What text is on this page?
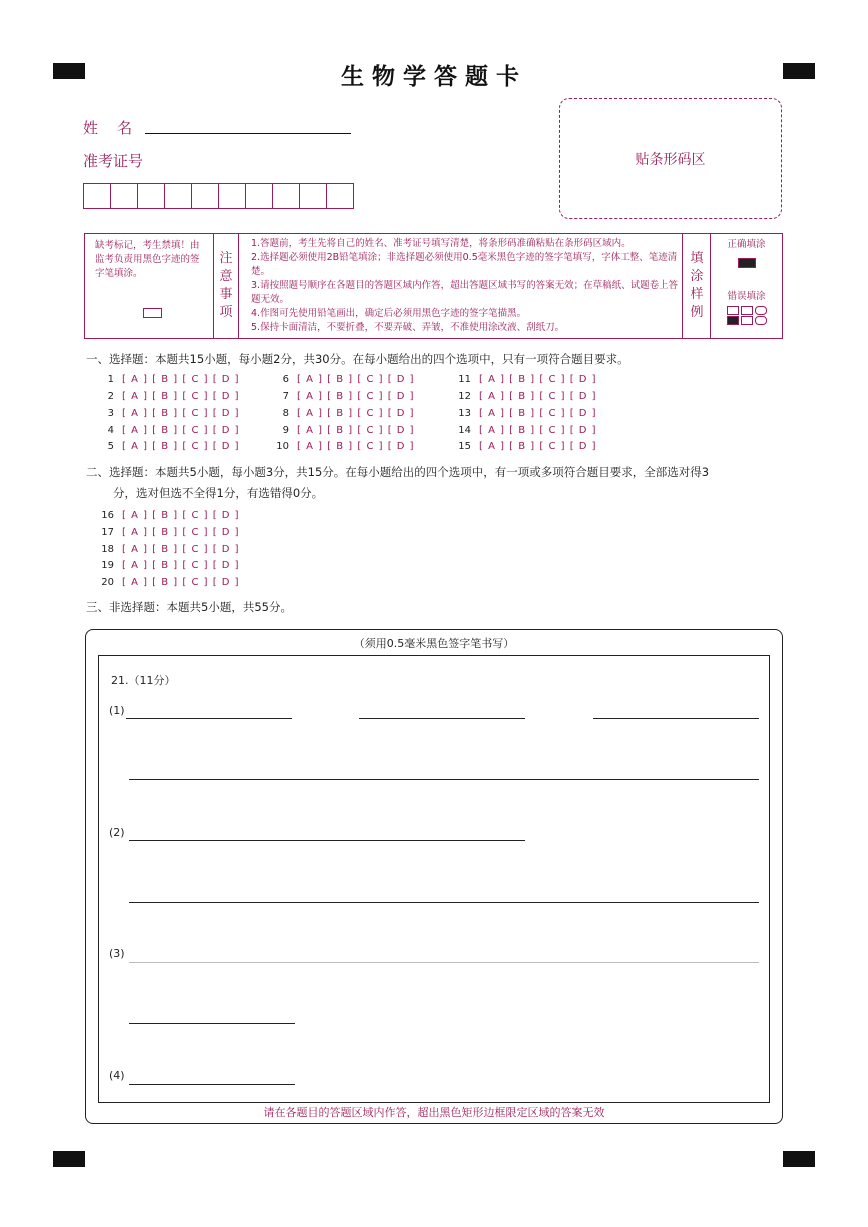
生物学答题卡
姓    名
准考证号	贴条形码区
缺考标记，考生禁填！由监考负责用黑色字迹的签字笔填涂。
注
意
事
项
1.答题前，考生先将自己的姓名、准考证号填写清楚，将条形码准确粘贴在条形码区域内。
2.选择题必须使用2B铅笔填涂；非选择题必须使用0.5毫米黑色字迹的签字笔填写，字体工整、笔迹清楚。
3.请按照题号顺序在各题目的答题区域内作答，超出答题区域书写的答案无效；在草稿纸、试题卷上答题无效。
4.作图可先使用铅笔画出，确定后必须用黑色字迹的签字笔描黑。
5.保持卡面清洁，不要折叠，不要弄破、弄皱，不准使用涂改液、刮纸刀。
填
涂
样
例
正确填涂
错误填涂
一、选择题：本题共15小题，每小题2分，共30分。在每小题给出的四个选项中，只有一项符合题目要求。
1 [ A ] [ B ] [ C ] [ D ]
2 [ A ] [ B ] [ C ] [ D ]
3 [ A ] [ B ] [ C ] [ D ]
4 [ A ] [ B ] [ C ] [ D ]
5 [ A ] [ B ] [ C ] [ D ]
6 [ A ] [ B ] [ C ] [ D ]
7 [ A ] [ B ] [ C ] [ D ]
8 [ A ] [ B ] [ C ] [ D ]
9 [ A ] [ B ] [ C ] [ D ]
10 [ A ] [ B ] [ C ] [ D ]
11 [ A ] [ B ] [ C ] [ D ]
12 [ A ] [ B ] [ C ] [ D ]
13 [ A ] [ B ] [ C ] [ D ]
14 [ A ] [ B ] [ C ] [ D ]
15 [ A ] [ B ] [ C ] [ D ]
二、选择题：本题共5小题，每小题3分，共15分。在每小题给出的四个选项中，有一项或多项符合题目要求，全部选对得3
分，选对但选不全得1分，有选错得0分。
16 [ A ] [ B ] [ C ] [ D ]
17 [ A ] [ B ] [ C ] [ D ]
18 [ A ] [ B ] [ C ] [ D ]
19 [ A ] [ B ] [ C ] [ D ]
20 [ A ] [ B ] [ C ] [ D ]
三、非选择题：本题共5小题，共55分。
（须用0.5毫米黑色签字笔书写）
21.（11分）
(1)
(2)
(3)
(4)
请在各题目的答题区域内作答，超出黑色矩形边框限定区域的答案无效
